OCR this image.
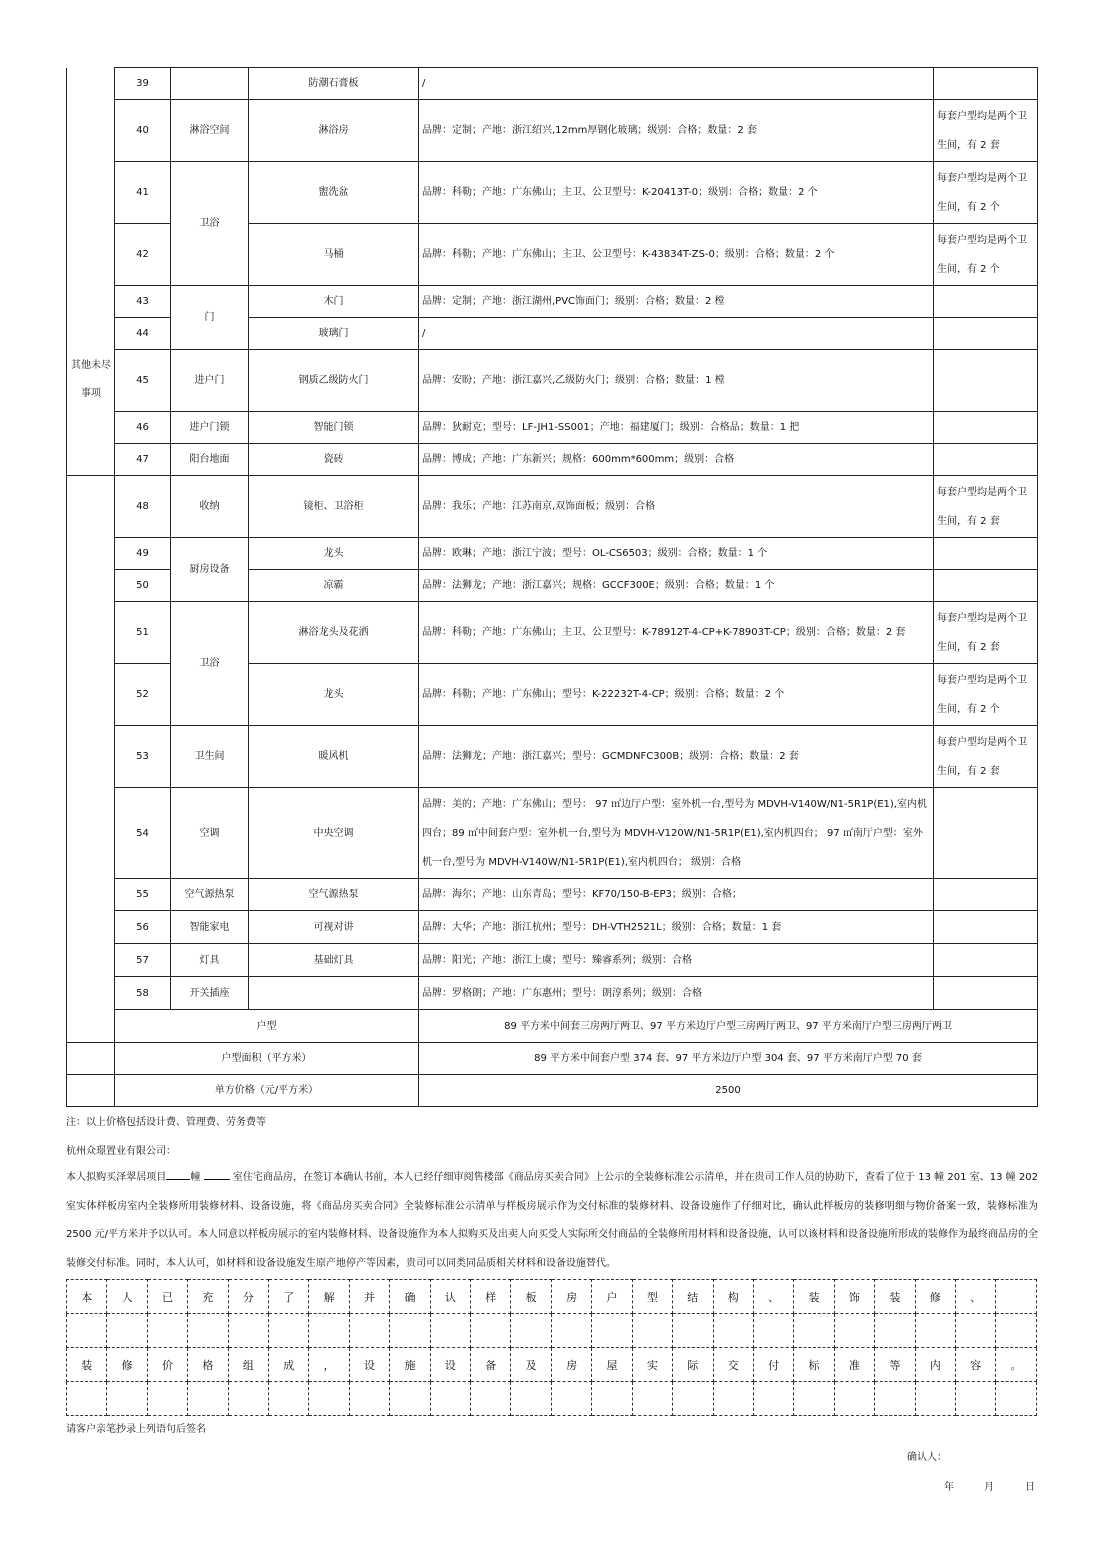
	39		防潮石膏板	/	
	40	淋浴空间	淋浴房	品牌：定制；产地：浙江绍兴,12mm厚钢化玻璃；级别：合格；数量：2 套	每套户型均是两个卫生间，有 2 套
	41	卫浴	盥洗盆	品牌：科勒；产地：广东佛山；主卫、公卫型号：K-20413T-0；级别：合格；数量：2 个	每套户型均是两个卫生间，有 2 个
	42		马桶	品牌：科勒；产地：广东佛山；主卫、公卫型号：K-43834T-ZS-0；级别：合格；数量：2 个	每套户型均是两个卫生间，有 2 个
	43	门	木门	品牌：定制；产地：浙江湖州,PVC饰面门；级别：合格；数量：2 樘	
	44		玻璃门	/	
	45	进户门	钢质乙级防火门	品牌：安盼；产地：浙江嘉兴,乙级防火门；级别：合格；数量：1 樘	
	46	进户门锁	智能门锁	品牌：狄耐克；型号：LF-JH1-SS001；产地：福建厦门；级别：合格品；数量：1 把	
	47	阳台地面	瓷砖	品牌：博成；产地：广东新兴；规格：600mm*600mm；级别：合格	
	48	收纳	镜柜、卫浴柜	品牌：我乐；产地：江苏南京,双饰面板；级别：合格	每套户型均是两个卫生间，有 2 套
	49	厨房设备	龙头	品牌：欧琳；产地：浙江宁波；型号：OL-CS6503；级别：合格；数量：1 个	
	50		凉霸	品牌：法狮龙；产地：浙江嘉兴；规格：GCCF300E；级别：合格；数量：1 个	
	51	卫浴	淋浴龙头及花洒	品牌：科勒；产地：广东佛山；主卫、公卫型号：K-78912T-4-CP+K-78903T-CP；级别：合格；数量：2 套	每套户型均是两个卫生间，有 2 套
	52		龙头	品牌：科勒；产地：广东佛山；型号：K-22232T-4-CP；级别：合格；数量：2 个	每套户型均是两个卫生间，有 2 个
	53	卫生间	暖风机	品牌：法狮龙；产地：浙江嘉兴；型号：GCMDNFC300B；级别：合格；数量：2 套	每套户型均是两个卫生间，有 2 套
	54	空调	中央空调	品牌：美的；产地：广东佛山；型号： 97 ㎡边厅户型：室外机一台,型号为 MDVH-V140W/N1-5R1P(E1),室内机四台；89 ㎡中间套户型：室外机一台,型号为 MDVH-V120W/N1-5R1P(E1),室内机四台； 97 ㎡南厅户型：室外机一台,型号为 MDVH-V140W/N1-5R1P(E1),室内机四台； 级别：合格	
	55	空气源热泵	空气源热泵	品牌：海尔；产地：山东青岛；型号：KF70/150-B-EP3；级别：合格；	
	56	智能家电	可视对讲	品牌：大华；产地：浙江杭州；型号：DH-VTH2521L；级别：合格；数量：1 套	
	57	灯具	基础灯具	品牌：阳光；产地：浙江上虞；型号：臻睿系列；级别：合格	
	58	开关插座		品牌：罗格朗；产地：广东惠州；型号：朗淳系列；级别：合格	
	户型			89 平方米中间套三房两厅两卫、97 平方米边厅户型三房两厅两卫、97 平方米南厅户型三房两厅两卫	
	户型面积（平方米）			89 平方米中间套户型 374 套、97 平方米边厅户型 304 套、97 平方米南厅户型 70 套	
	单方价格（元/平方米）			2500	
其他未尽事项
注：以上价格包括设计费、管理费、劳务费等
杭州众璟置业有限公司：
本人拟购买泽翠居项目 幢	室住宅商品房，在签订本确认书前，本人已经仔细审阅售楼部《商品房买卖合同》上公示的全装修标准公示清单，并在贵司工作人员的协助下，查看了位于 13 幢 201 室、13 幢 202 室实体样板房室内全装修所用装修材料、设备设施，将《商品房买卖合同》全装修标准公示清单与样板房展示作为交付标准的装修材料、设备设施作了仔细对比，确认此样板房的装修明细与物价备案一致，装修标准为 2500 元/平方米并予以认可。本人同意以样板房展示的室内装修材料、设备设施作为本人拟购买及出卖人向买受人实际所交付商品的全装修所用材料和设备设施，认可以该材料和设备设施所形成的装修作为最终商品房的全装修交付标准。同时，本人认可，如材料和设备设施发生原产地停产等因素，贵司可以同类同品质相关材料和设备设施替代。
本	人	已	充	分	了	解	并	确	认	样	板	房	户	型	结	构	、	装	饰	装	修	、	

装	修	价	格	组	成	，	设	施	设	备	及	房	屋	实	际	交	付	标	准	等	内	容	。

请客户亲笔抄录上列语句后签名
确认人：
年	月	日
